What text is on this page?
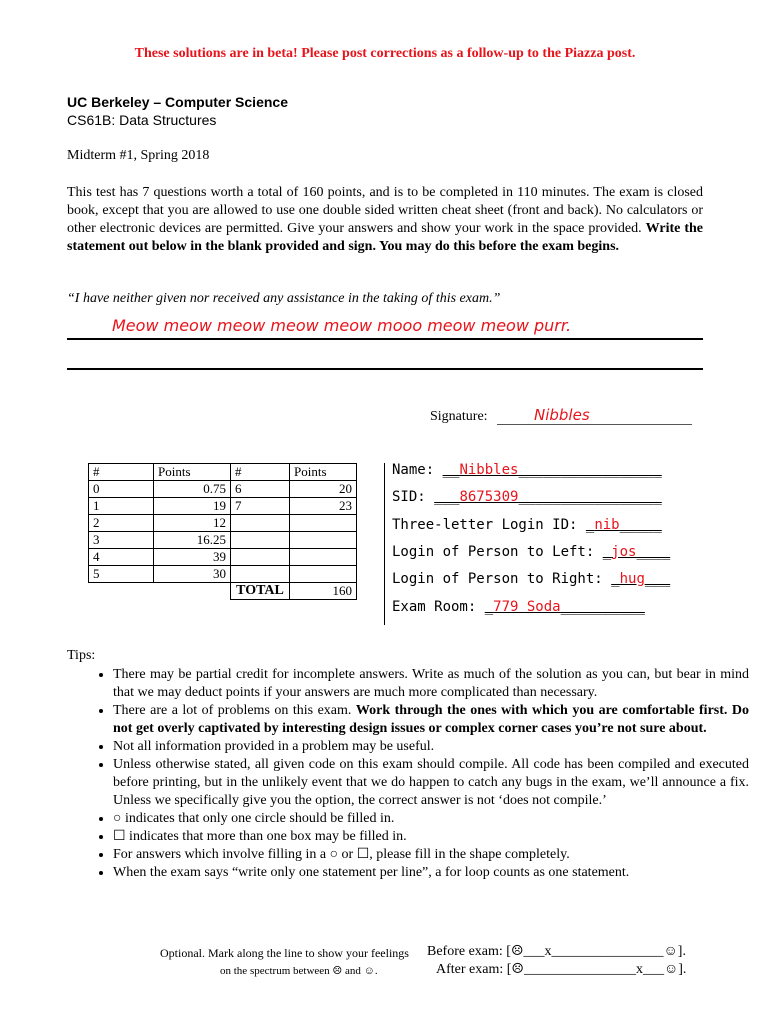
These solutions are in beta! Please post corrections as a follow-up to the Piazza post.
UC Berkeley – Computer Science
CS61B: Data Structures
Midterm #1, Spring 2018
This test has 7 questions worth a total of 160 points, and is to be completed in 110 minutes. The exam is closed book, except that you are allowed to use one double sided written cheat sheet (front and back). No calculators or other electronic devices are permitted. Give your answers and show your work in the space provided. Write the statement out below in the blank provided and sign. You may do this before the exam begins.
“I have neither given nor received any assistance in the taking of this exam.”
Meow meow meow meow meow mooo meow meow purr.
Signature:	Nibbles
#	Points	#	Points
0	0.75	6	20
1	19	7	23
2	12		
3	16.25		
4	39		
5	30		
		TOTAL	160
Name: __Nibbles_________________
SID: ___8675309_________________
Three-letter Login ID: _nib_____
Login of Person to Left: _jos____
Login of Person to Right: _hug___
Exam Room: _779 Soda__________
Tips:
• There may be partial credit for incomplete answers. Write as much of the solution as you can, but bear in mind that we may deduct points if your answers are much more complicated than necessary.
• There are a lot of problems on this exam. Work through the ones with which you are comfortable first. Do not get overly captivated by interesting design issues or complex corner cases you’re not sure about.
• Not all information provided in a problem may be useful.
• Unless otherwise stated, all given code on this exam should compile. All code has been compiled and executed before printing, but in the unlikely event that we do happen to catch any bugs in the exam, we’ll announce a fix. Unless we specifically give you the option, the correct answer is not ‘does not compile.’
• ○ indicates that only one circle should be filled in.
• ☐ indicates that more than one box may be filled in.
• For answers which involve filling in a ○ or ☐, please fill in the shape completely.
• When the exam says “write only one statement per line”, a for loop counts as one statement.
Optional. Mark along the line to show your feelings
on the spectrum between ☹ and ☺.
Before exam: [☹___x________________☺].
After exam: [☹________________x___☺].
